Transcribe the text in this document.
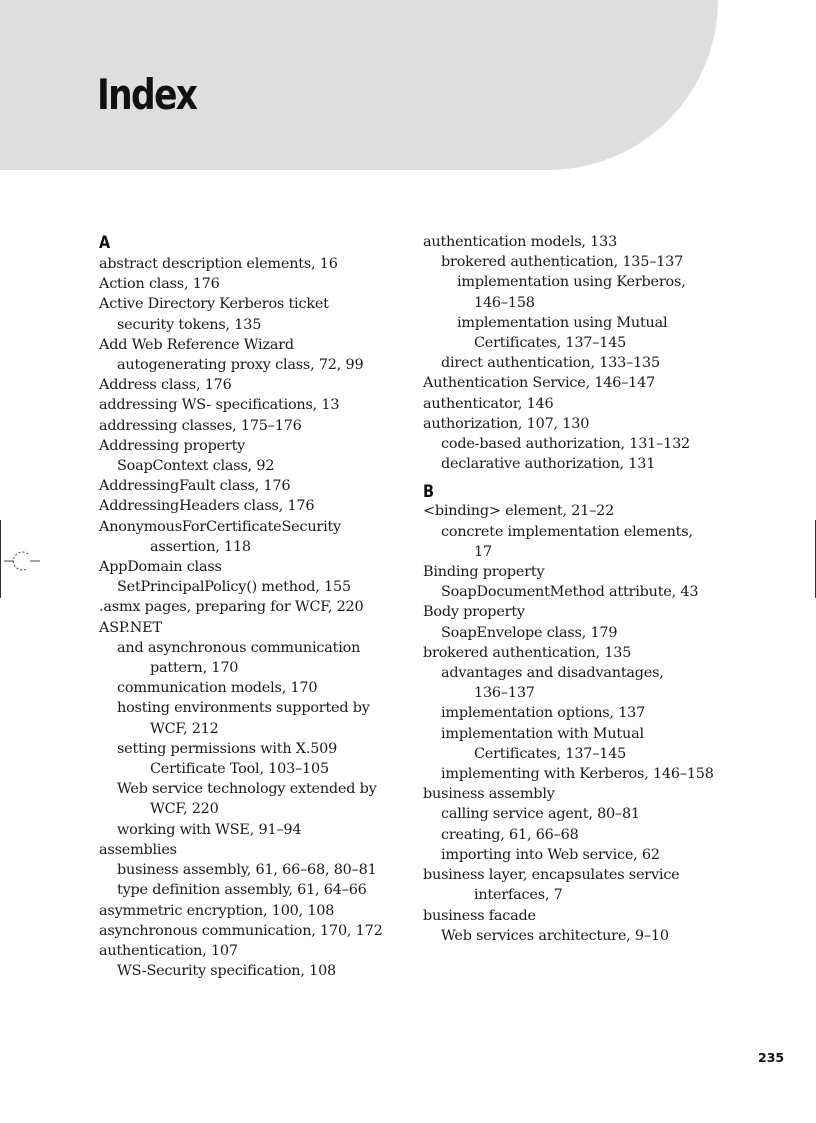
Index
A
abstract description elements, 16
Action class, 176
Active Directory Kerberos ticket
security tokens, 135
Add Web Reference Wizard
autogenerating proxy class, 72, 99
Address class, 176
addressing WS- specifications, 13
addressing classes, 175–176
Addressing property
SoapContext class, 92
AddressingFault class, 176
AddressingHeaders class, 176
AnonymousForCertificateSecurity
assertion, 118
AppDomain class
SetPrincipalPolicy() method, 155
.asmx pages, preparing for WCF, 220
ASP.NET
and asynchronous communication
pattern, 170
communication models, 170
hosting environments supported by
WCF, 212
setting permissions with X.509
Certificate Tool, 103–105
Web service technology extended by
WCF, 220
working with WSE, 91–94
assemblies
business assembly, 61, 66–68, 80–81
type definition assembly, 61, 64–66
asymmetric encryption, 100, 108
asynchronous communication, 170, 172
authentication, 107
WS-Security specification, 108
authentication models, 133
brokered authentication, 135–137
implementation using Kerberos,
146–158
implementation using Mutual
Certificates, 137–145
direct authentication, 133–135
Authentication Service, 146–147
authenticator, 146
authorization, 107, 130
code-based authorization, 131–132
declarative authorization, 131
B
<binding> element, 21–22
concrete implementation elements,
17
Binding property
SoapDocumentMethod attribute, 43
Body property
SoapEnvelope class, 179
brokered authentication, 135
advantages and disadvantages,
136–137
implementation options, 137
implementation with Mutual
Certificates, 137–145
implementing with Kerberos, 146–158
business assembly
calling service agent, 80–81
creating, 61, 66–68
importing into Web service, 62
business layer, encapsulates service
interfaces, 7
business facade
Web services architecture, 9–10
235
